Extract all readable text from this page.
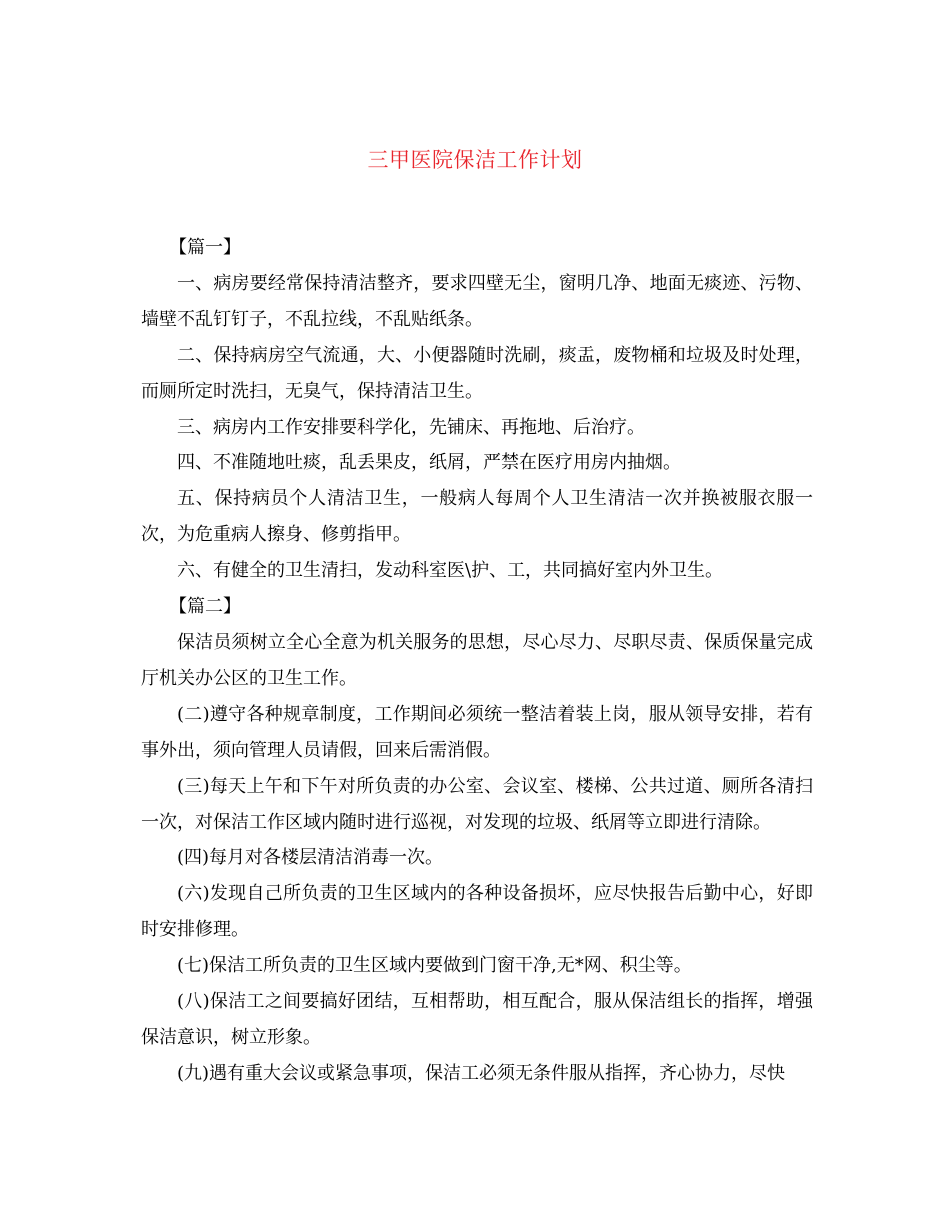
三甲医院保洁工作计划

【篇一】

一、病房要经常保持清洁整齐，要求四壁无尘，窗明几净、地面无痰迹、污物、墙壁不乱钉钉子，不乱拉线，不乱贴纸条。

二、保持病房空气流通，大、小便器随时洗刷，痰盂，废物桶和垃圾及时处理，而厕所定时洗扫，无臭气，保持清洁卫生。

三、病房内工作安排要科学化，先铺床、再拖地、后治疗。

四、不准随地吐痰，乱丢果皮，纸屑，严禁在医疗用房内抽烟。

五、保持病员个人清洁卫生，一般病人每周个人卫生清洁一次并换被服衣服一次，为危重病人擦身、修剪指甲。

六、有健全的卫生清扫，发动科室医\护、工，共同搞好室内外卫生。

【篇二】

保洁员须树立全心全意为机关服务的思想，尽心尽力、尽职尽责、保质保量完成厅机关办公区的卫生工作。

(二)遵守各种规章制度，工作期间必须统一整洁着装上岗，服从领导安排，若有事外出，须向管理人员请假，回来后需消假。

(三)每天上午和下午对所负责的办公室、会议室、楼梯、公共过道、厕所各清扫一次，对保洁工作区域内随时进行巡视，对发现的垃圾、纸屑等立即进行清除。

(四)每月对各楼层清洁消毒一次。

(六)发现自己所负责的卫生区域内的各种设备损坏，应尽快报告后勤中心，好即时安排修理。

(七)保洁工所负责的卫生区域内要做到门窗干净,无*网、积尘等。

(八)保洁工之间要搞好团结，互相帮助，相互配合，服从保洁组长的指挥，增强保洁意识，树立形象。

(九)遇有重大会议或紧急事项，保洁工必须无条件服从指挥，齐心协力，尽快
